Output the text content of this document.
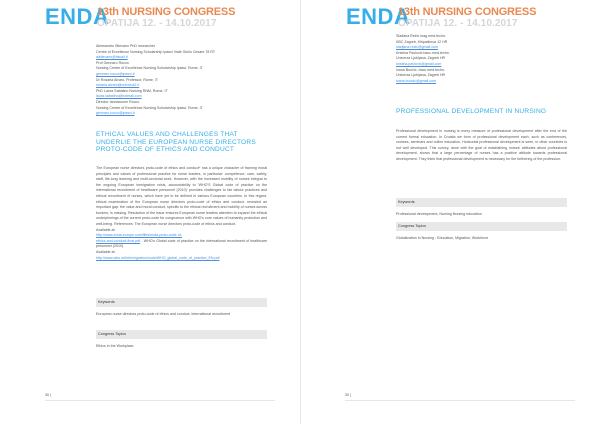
ENDA
13th NURSING CONGRESS
OPATIJA 12. - 14.10.2017
Alessandro Stievano PhD researcher
Centre of Excellence Nursing Scholarship Ipasvi Viale Giulio Cesare 78 RT
alstievano@tiscali.it
Prof Gennaro Rocco
Nursing Centre of Excellence Nursing Scholarship Ipasvi, Rome, IT
gennaro.rocco@ipasvi.it
Dr Rosaria Alvaro, Professor, Rome, IT
rosaria.alvaro@uniroma2.it
PhD Laura Sabatino Nursing RNM, Rome, IT
laura.sabatino@hotmail.com
Director Iannaccone Rocco
Nursing Centre of Excellence Nursing Scholarship Ipasvi, Rome, IT
gennaro.rocco@ipasvi.it
ETHICAL VALUES AND CHALLENGES THAT UNDERLIE THE EUROPEAN NURSE DIRECTORS PROTO-CODE OF ETHICS AND CONDUCT
The European nurse directors proto-code of ethics and conduct* has a unique character of framing moral principles and values of professional practice for nurse leaders, in particular: competence, care, safety, staff, life-long learning and multi-sectorial work. However, with the increased mobility of nurses integral to the ongoing European immigration crisis, accountability to 'WHO'S Global code of practice on the international recruitment of healthcare personnel (2010)' provides challenges to fair labour practices and ethical recruitment of nurses, which have yet to be defined in various European countries. In this regard, ethical examination of the European nurse directors proto-code of ethics and conduct, revealed an important gap: the value and moral conduct, specific to the ethical recruitment and mobility of nurses across borders, is missing. Resolution of the issue ensures European nurse leaders attention to expand the ethical underpinnings of the current proto-code for congruence with WHO's core values of humanity protection and well-being. References: The European nurse directors proto-code of ethics and conduct.
Available at:
http://www.enda-europe.com/files/enda-proto-code-of-
ethics-and-conduct-final.pdf - WHO's Global code of practice on the international recruitment of healthcare personnel (2010).
Available at:
http://www.who.int/hrh/migration/code/WHO_global_code_of_practice_EN.pdf
Keywords
European nurse directors proto-code of ethics and conduct, international recruitment
Congress Topics
Ethics in the Workplace
30 |
ENDA
13th NURSING CONGRESS
OPATIJA 12. - 14.10.2017
Slađana Režić mag.med.techn.
KBC Zagreb, Kišpatićeva 12 HR
sladjana.rezic@gmail.com
Kristina Pavlović bacc.med.techn.
Univerza Ljubljana, Zagreb HR
kristina.pavlovic@gmail.com
Ivana Bunčić, bacc.med.techn.
Univerza Ljubljana, Zagreb HR
ivana.buncic@gmail.com
PROFESSIONAL DEVELOPMENT IN NURSING
Professional development in nursing is every measure of professional development after the end of the current formal education. In Croatia we form of professional development each, such as conferences, courses, seminars and online education. Horizontal professional development is seen, in other countries is not well developed. This survey, done with the goal of establishing nurses' attitudes about professional development, shows that a large percentage of nurses has a positive attitude towards professional development. They think that professional development is necessary for the furthering of the profession.
Keywords
Professional development, Nursing Nursing education
Congress Topics
Globalization in Nursing - Education, Migration, Workforce
30 |
